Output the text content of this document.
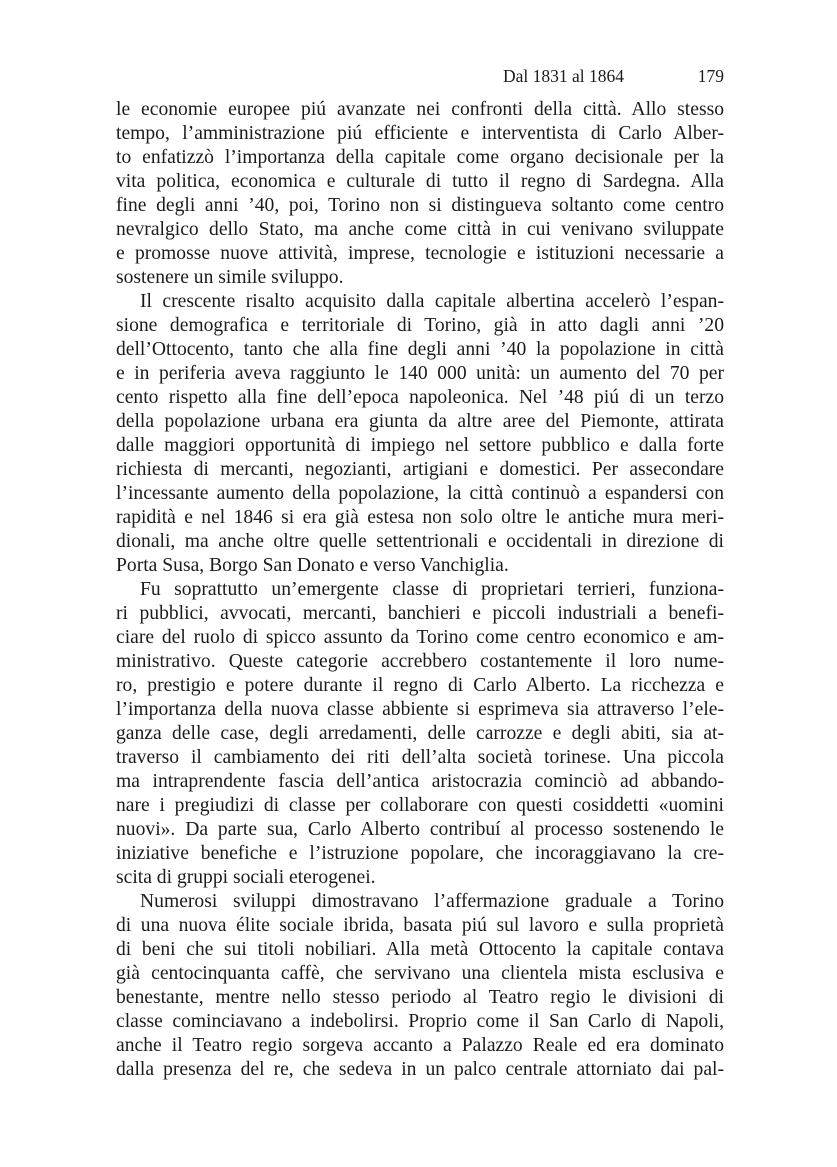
Dal 1831 al 1864	179
le economie europee piú avanzate nei confronti della città. Allo stesso
tempo, l’amministrazione piú efficiente e interventista di Carlo Alber-
to enfatizzò l’importanza della capitale come organo decisionale per la
vita politica, economica e culturale di tutto il regno di Sardegna. Alla
fine degli anni ’40, poi, Torino non si distingueva soltanto come centro
nevralgico dello Stato, ma anche come città in cui venivano sviluppate
e promosse nuove attività, imprese, tecnologie e istituzioni necessarie a
sostenere un simile sviluppo.
Il crescente risalto acquisito dalla capitale albertina accelerò l’espan-
sione demografica e territoriale di Torino, già in atto dagli anni ’20
dell’Ottocento, tanto che alla fine degli anni ’40 la popolazione in città
e in periferia aveva raggiunto le 140 000 unità: un aumento del 70 per
cento rispetto alla fine dell’epoca napoleonica. Nel ’48 piú di un terzo
della popolazione urbana era giunta da altre aree del Piemonte, attirata
dalle maggiori opportunità di impiego nel settore pubblico e dalla forte
richiesta di mercanti, negozianti, artigiani e domestici. Per assecondare
l’incessante aumento della popolazione, la città continuò a espandersi con
rapidità e nel 1846 si era già estesa non solo oltre le antiche mura meri-
dionali, ma anche oltre quelle settentrionali e occidentali in direzione di
Porta Susa, Borgo San Donato e verso Vanchiglia.
Fu soprattutto un’emergente classe di proprietari terrieri, funziona-
ri pubblici, avvocati, mercanti, banchieri e piccoli industriali a benefi-
ciare del ruolo di spicco assunto da Torino come centro economico e am-
ministrativo. Queste categorie accrebbero costantemente il loro nume-
ro, prestigio e potere durante il regno di Carlo Alberto. La ricchezza e
l’importanza della nuova classe abbiente si esprimeva sia attraverso l’ele-
ganza delle case, degli arredamenti, delle carrozze e degli abiti, sia at-
traverso il cambiamento dei riti dell’alta società torinese. Una piccola
ma intraprendente fascia dell’antica aristocrazia cominciò ad abbando-
nare i pregiudizi di classe per collaborare con questi cosiddetti «uomini
nuovi». Da parte sua, Carlo Alberto contribuí al processo sostenendo le
iniziative benefiche e l’istruzione popolare, che incoraggiavano la cre-
scita di gruppi sociali eterogenei.
Numerosi sviluppi dimostravano l’affermazione graduale a Torino
di una nuova élite sociale ibrida, basata piú sul lavoro e sulla proprietà
di beni che sui titoli nobiliari. Alla metà Ottocento la capitale contava
già centocinquanta caffè, che servivano una clientela mista esclusiva e
benestante, mentre nello stesso periodo al Teatro regio le divisioni di
classe cominciavano a indebolirsi. Proprio come il San Carlo di Napoli,
anche il Teatro regio sorgeva accanto a Palazzo Reale ed era dominato
dalla presenza del re, che sedeva in un palco centrale attorniato dai pal-
